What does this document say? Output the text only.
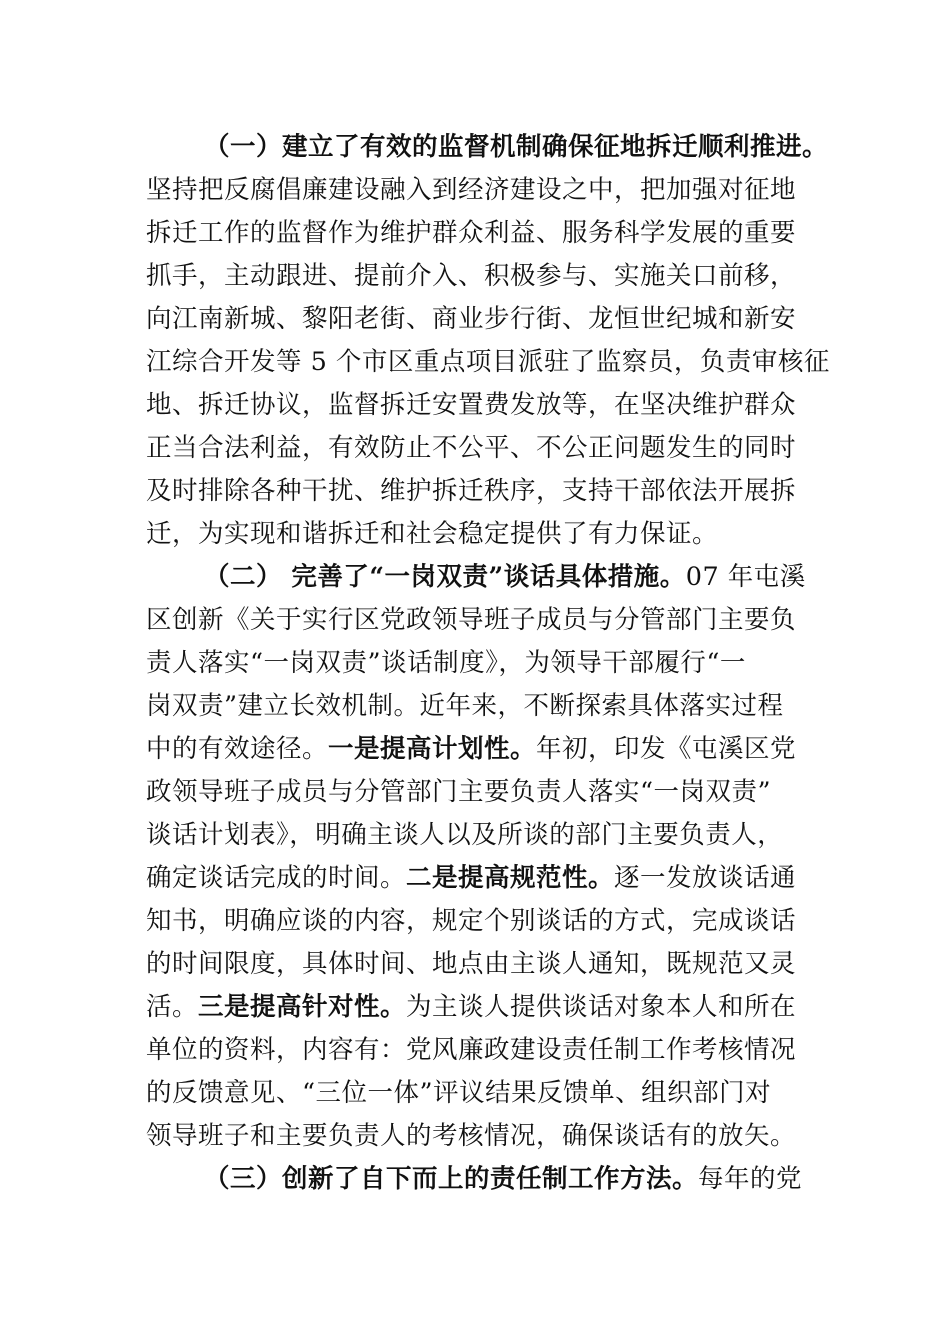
（一）建立了有效的监督机制确保征地拆迁顺利推进。
坚持把反腐倡廉建设融入到经济建设之中，把加强对征地
拆迁工作的监督作为维护群众利益、服务科学发展的重要
抓手，主动跟进、提前介入、积极参与、实施关口前移，
向江南新城、黎阳老街、商业步行街、龙恒世纪城和新安
江综合开发等 5 个市区重点项目派驻了监察员，负责审核征
地、拆迁协议，监督拆迁安置费发放等，在坚决维护群众
正当合法利益，有效防止不公平、不公正问题发生的同时
及时排除各种干扰、维护拆迁秩序，支持干部依法开展拆
迁，为实现和谐拆迁和社会稳定提供了有力保证。
（二） 完善了“一岗双责”谈话具体措施。07 年屯溪
区创新《关于实行区党政领导班子成员与分管部门主要负
责人落实“一岗双责”谈话制度》，为领导干部履行“一
岗双责”建立长效机制。近年来，不断探索具体落实过程
中的有效途径。一是提高计划性。年初，印发《屯溪区党
政领导班子成员与分管部门主要负责人落实“一岗双责”
谈话计划表》，明确主谈人以及所谈的部门主要负责人，
确定谈话完成的时间。二是提高规范性。逐一发放谈话通
知书，明确应谈的内容，规定个别谈话的方式，完成谈话
的时间限度，具体时间、地点由主谈人通知，既规范又灵
活。三是提高针对性。为主谈人提供谈话对象本人和所在
单位的资料，内容有：党风廉政建设责任制工作考核情况
的反馈意见、“三位一体”评议结果反馈单、组织部门对
领导班子和主要负责人的考核情况，确保谈话有的放矢。
（三）创新了自下而上的责任制工作方法。每年的党
